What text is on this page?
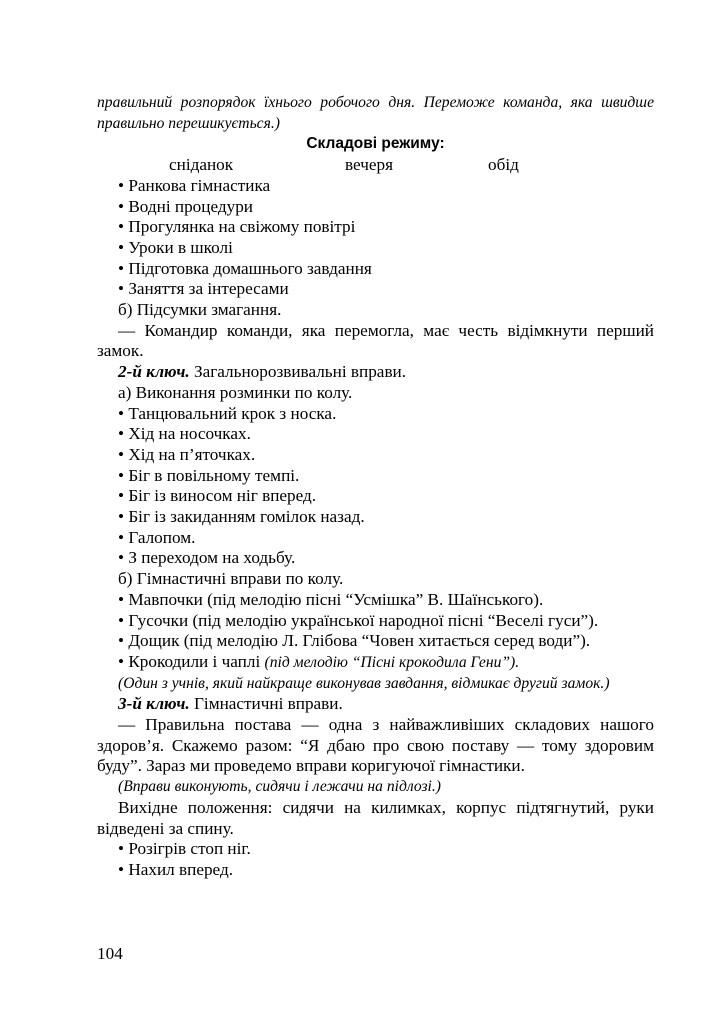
правильний розпорядок їхнього робочого дня. Переможе команда, яка швидше правильно перешикується.)

Складові режиму:

сніданок	вечеря	обід

• Ранкова гімнастика

• Водні процедури

• Прогулянка на свіжому повітрі

• Уроки в школі

• Підготовка домашнього завдання

• Заняття за інтересами

б) Підсумки змагання.

— Командир команди, яка перемогла, має честь відімкнути перший замок.

2-й ключ. Загальнорозвивальні вправи.

а) Виконання розминки по колу.

• Танцювальний крок з носка.

• Хід на носочках.

• Хід на п’яточках.

• Біг в повільному темпі.

• Біг із виносом ніг вперед.

• Біг із закиданням гомілок назад.

• Галопом.

• З переходом на ходьбу.

б) Гімнастичні вправи по колу.

• Мавпочки (під мелодію пісні “Усмішка” В. Шаїнського).

• Гусочки (під мелодію української народної пісні “Веселі гуси”).

• Дощик (під мелодію Л. Глібова “Човен хитається серед води”).

• Крокодили і чаплі (під мелодію “Пісні крокодила Гени”).

(Один з учнів, який найкраще виконував завдання, відмикає другий замок.)

3-й ключ. Гімнастичні вправи.

— Правильна постава — одна з найважливіших складових нашого здоров’я. Скажемо разом: “Я дбаю про свою поставу — тому здоровим буду”. Зараз ми проведемо вправи коригуючої гімнастики.

(Вправи виконують, сидячи і лежачи на підлозі.)

Вихідне положення: сидячи на килимках, корпус підтягнутий, руки відведені за спину.

• Розігрів стоп ніг.

• Нахил вперед.

104
